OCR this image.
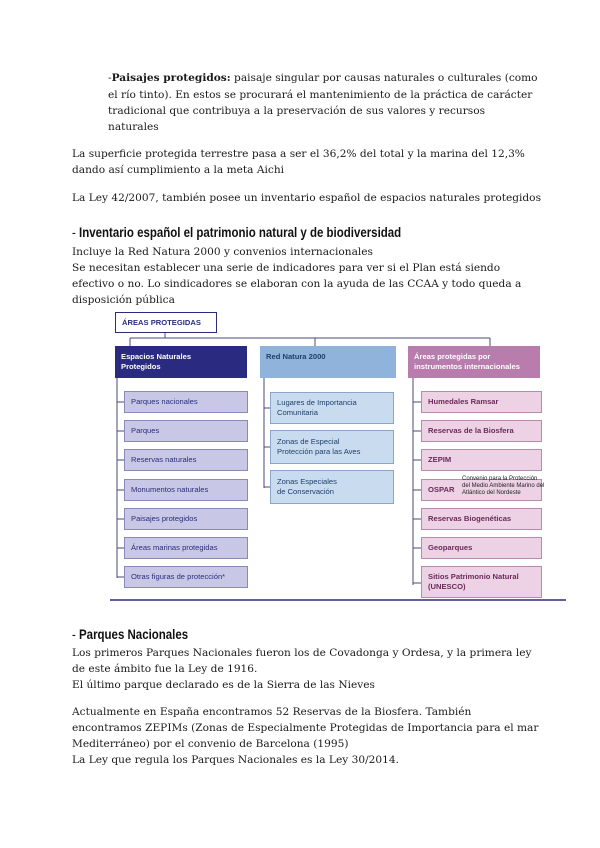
-Paisajes protegidos: paisaje singular por causas naturales o culturales (como

el río tinto). En estos se procurará el mantenimiento de la práctica de carácter

tradicional que contribuya a la preservación de sus valores y recursos

naturales

La superficie protegida terrestre pasa a ser el 36,2% del total y la marina del 12,3%

dando así cumplimiento a la meta Aichi

La Ley 42/2007, también posee un inventario español de espacios naturales protegidos

- Inventario español el patrimonio natural y de biodiversidad

Incluye la Red Natura 2000 y convenios internacionales

Se necesitan establecer una serie de indicadores para ver si el Plan está siendo

efectivo o no. Lo sindicadores se elaboran con la ayuda de las CCAA y todo queda a

disposición pública

ÁREAS PROTEGIDAS
Espacios Naturales
Protegidos
Parques nacionales
Parques
Reservas naturales
Monumentos naturales
Paisajes protegidos
Áreas marinas protegidas
Otras figuras de protección*
Red Natura 2000
Lugares de Importancia
Comunitaria
Zonas de Especial
Protección para las Aves
Zonas Especiales
de Conservación
Áreas protegidas por
instrumentos internacionales
Humedales Ramsar
Reservas de la Biosfera
ZEPIM
OSPAR
Reservas Biogenéticas
Geoparques
Sitios Patrimonio Natural
(UNESCO)
Convenio para la Protección
del Medio Ambiente Marino del
Atlántico del Nordeste

- Parques Nacionales

Los primeros Parques Nacionales fueron los de Covadonga y Ordesa, y la primera ley

de este ámbito fue la Ley de 1916.

El último parque declarado es de la Sierra de las Nieves

Actualmente en España encontramos 52 Reservas de la Biosfera. También

encontramos ZEPIMs (Zonas de Especialmente Protegidas de Importancia para el mar

Mediterráneo) por el convenio de Barcelona (1995)

La Ley que regula los Parques Nacionales es la Ley 30/2014.
